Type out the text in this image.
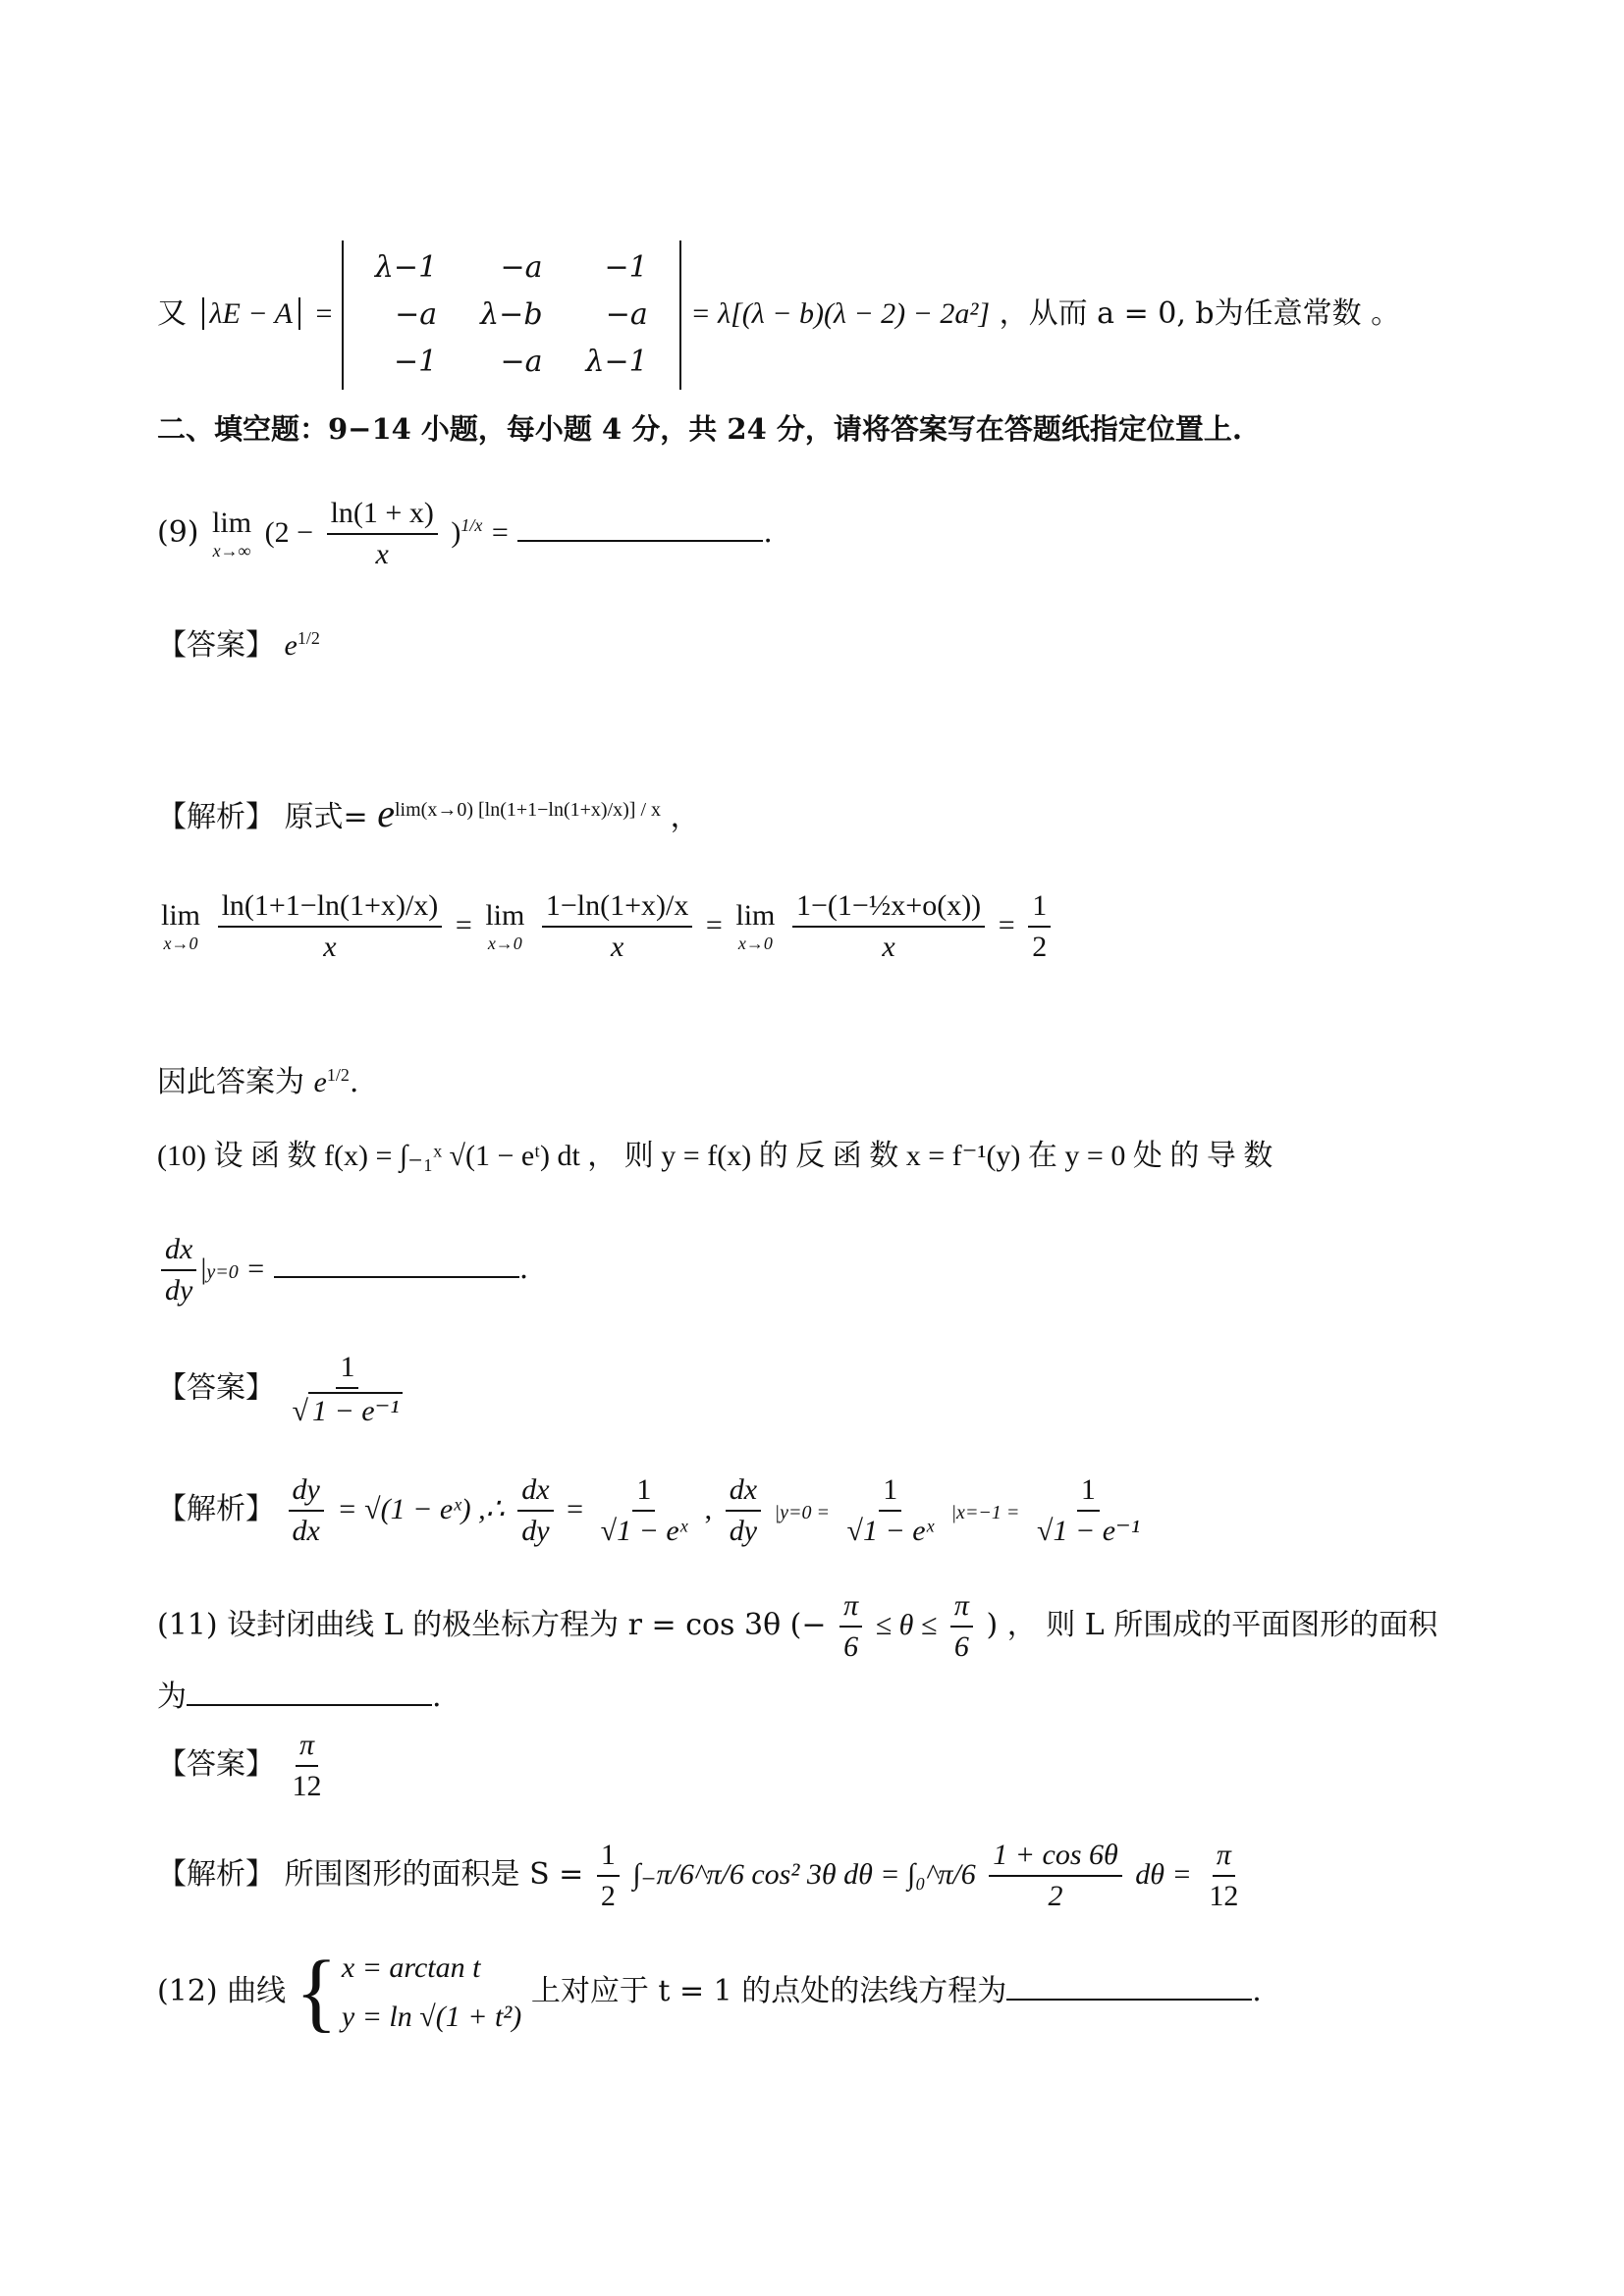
又 λE − A =
λ−1	−a	−1
−a	λ−b	−a
−1	−a	λ−1
= λ[(λ − b)(λ − 2) − 2a²] ，从而 a = 0, b为任意常数 。
二、填空题：9−14 小题，每小题 4 分，共 24 分，请将答案写在答题纸指定位置上.
(9) lim
x→∞
$(2 - \frac{\ln(1 + x)}{x} )^{1/x}$ =	.
【答案】 $e^{1/2}$
【解析】 原式= $e^{lim(x\to 0) [ln(1+1-ln(1+x)/x)] / x}$ ，
lim
x→0
$\frac{\ln(1+1-\ln(1+x)/x)}{x} = \lim$
x→0
$\frac{1-\ln(1+x)/x}{x} = \lim$
x→0
$\frac{\text{1−(1−½x+o(x))}}{x} = \frac{1}{2}$
因此答案为 $e^{1/2}$.
(10) 设 函 数 f(x) = ∫₋₁ˣ √(1 − eᵗ) dt ， 则 y = f(x) 的 反 函 数 x = f⁻¹(y) 在 y = 0 处 的 导 数
$\frac{dx}{dy} |y=0$ =	.
【答案】 $\frac{1}{\text{√ 1 − e⁻¹}}$
【解析】 $\frac{dy}{dx} = √(1$ − eˣ) ,∴ $\frac{dx}{dy} = \frac{1}{\text{√1 − eˣ}}$ , $\frac{dx}{dy} |y=0 = \frac{1}{\text{√1 − eˣ}} |x=-1 = \frac{1}{\text{√1 − e⁻¹}}$
(11) 设封闭曲线 L 的极坐标方程为 r = cos 3θ (− $\frac{\pi}{6} \le \theta \le \frac{\pi}{6}$ ) ， 则 L 所围成的平面图形的面积
为	.
【答案】 $\frac{\pi}{12}$
【解析】 所围图形的面积是 $S = \frac{1}{2}$ ∫₋π/6^π/6 cos² 3θ dθ = ∫₀^π/6 $\frac{1 + \cos 6\theta}{2}$ $d\theta = \frac{\pi}{12}$
(12) 曲线 { x = arctan t
y = ln √(1 + t²)
上对应于 t = 1 的点处的法线方程为	.
